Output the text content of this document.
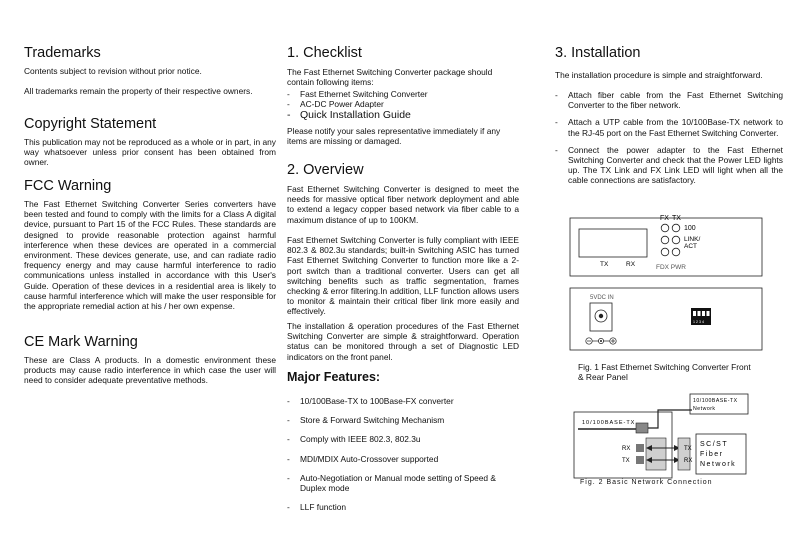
Trademarks

Contents subject to revision without prior notice.

All trademarks remain the property of their respective owners.

Copyright Statement

This publication may not be reproduced as a whole or in part, in any way whatsoever unless prior consent has been obtained from owner.

FCC Warning

The Fast Ethernet Switching Converter Series converters have been tested and found to comply with the limits for a Class A digital device, pursuant to Part 15 of the FCC Rules. These standards are designed to provide reasonable protection against harmful interference when these devices are operated in a commercial environment. These devices generate, use, and can radiate radio frequency energy and may cause harmful interference to radio communications unless installed in accordance with this User's Guide. Operation of these devices in a residential area is likely to cause harmful interference which will make the user responsible for the appropriate remedial action at his / her own expense.

CE Mark Warning

These are Class A products. In a domestic environment these products may cause radio interference in which case the user will need to consider adequate preventative methods.

1. Checklist

The Fast Ethernet Switching Converter package should contain following items:

- Fast Ethernet Switching Converter
- AC-DC Power Adapter
- Quick Installation Guide

Please notify your sales representative immediately if any items are missing or damaged.

2. Overview

Fast Ethernet Switching Converter is designed to meet the needs for massive optical fiber network deployment and able to extend a legacy copper based network via fiber cable to a maximum distance of up to 100KM.

Fast Ethernet Switching Converter is fully compliant with IEEE 802.3 & 802.3u standards; built-in Switching ASIC has turned Fast Ethernet Switching Converter to function more like a 2-port switch than a traditional converter. Users can get all switching benefits such as traffic segmentation, frames checking & error filtering.In addition, LLF function allows users to monitor & maintain their critical fiber link more easily and effectively.

The installation & operation procedures of the Fast Ethernet Switching Converter are simple & straightforward. Operation status can be monitored through a set of Diagnostic LED indicators on the front panel.

Major Features:
- 10/100Base-TX to 100Base-FX converter
- Store & Forward Switching Mechanism
- Comply with IEEE 802.3, 802.3u
- MDI/MDIX Auto-Crossover supported
- Auto-Negotiation or Manual mode setting of Speed & Duplex mode
- LLF function
3. Installation

The installation procedure is simple and straightforward.

- Attach fiber cable from the Fast Ethernet Switching Converter to the fiber network.
- Attach a UTP cable from the 10/100Base-TX network to the RJ-45 port on the Fast Ethernet Switching Converter.
- Connect the power adapter to the Fast Ethernet Switching Converter and check that the Power LED lights up. The TX Link and FX Link LED will light when all the cable connections are satisfactory.
FX TX
100
LINK/
ACT
TX	RX	FDX PWR
5VDC IN
1 2 3 4

Fig. 1 Fast Ethernet Switching Converter Front

& Rear Panel

10/100BASE-TX
RX
TX
10/100BASE-TX
Network
TX
RX
SC/ST
Fiber
Network

Fig. 2 Basic Network Connection
